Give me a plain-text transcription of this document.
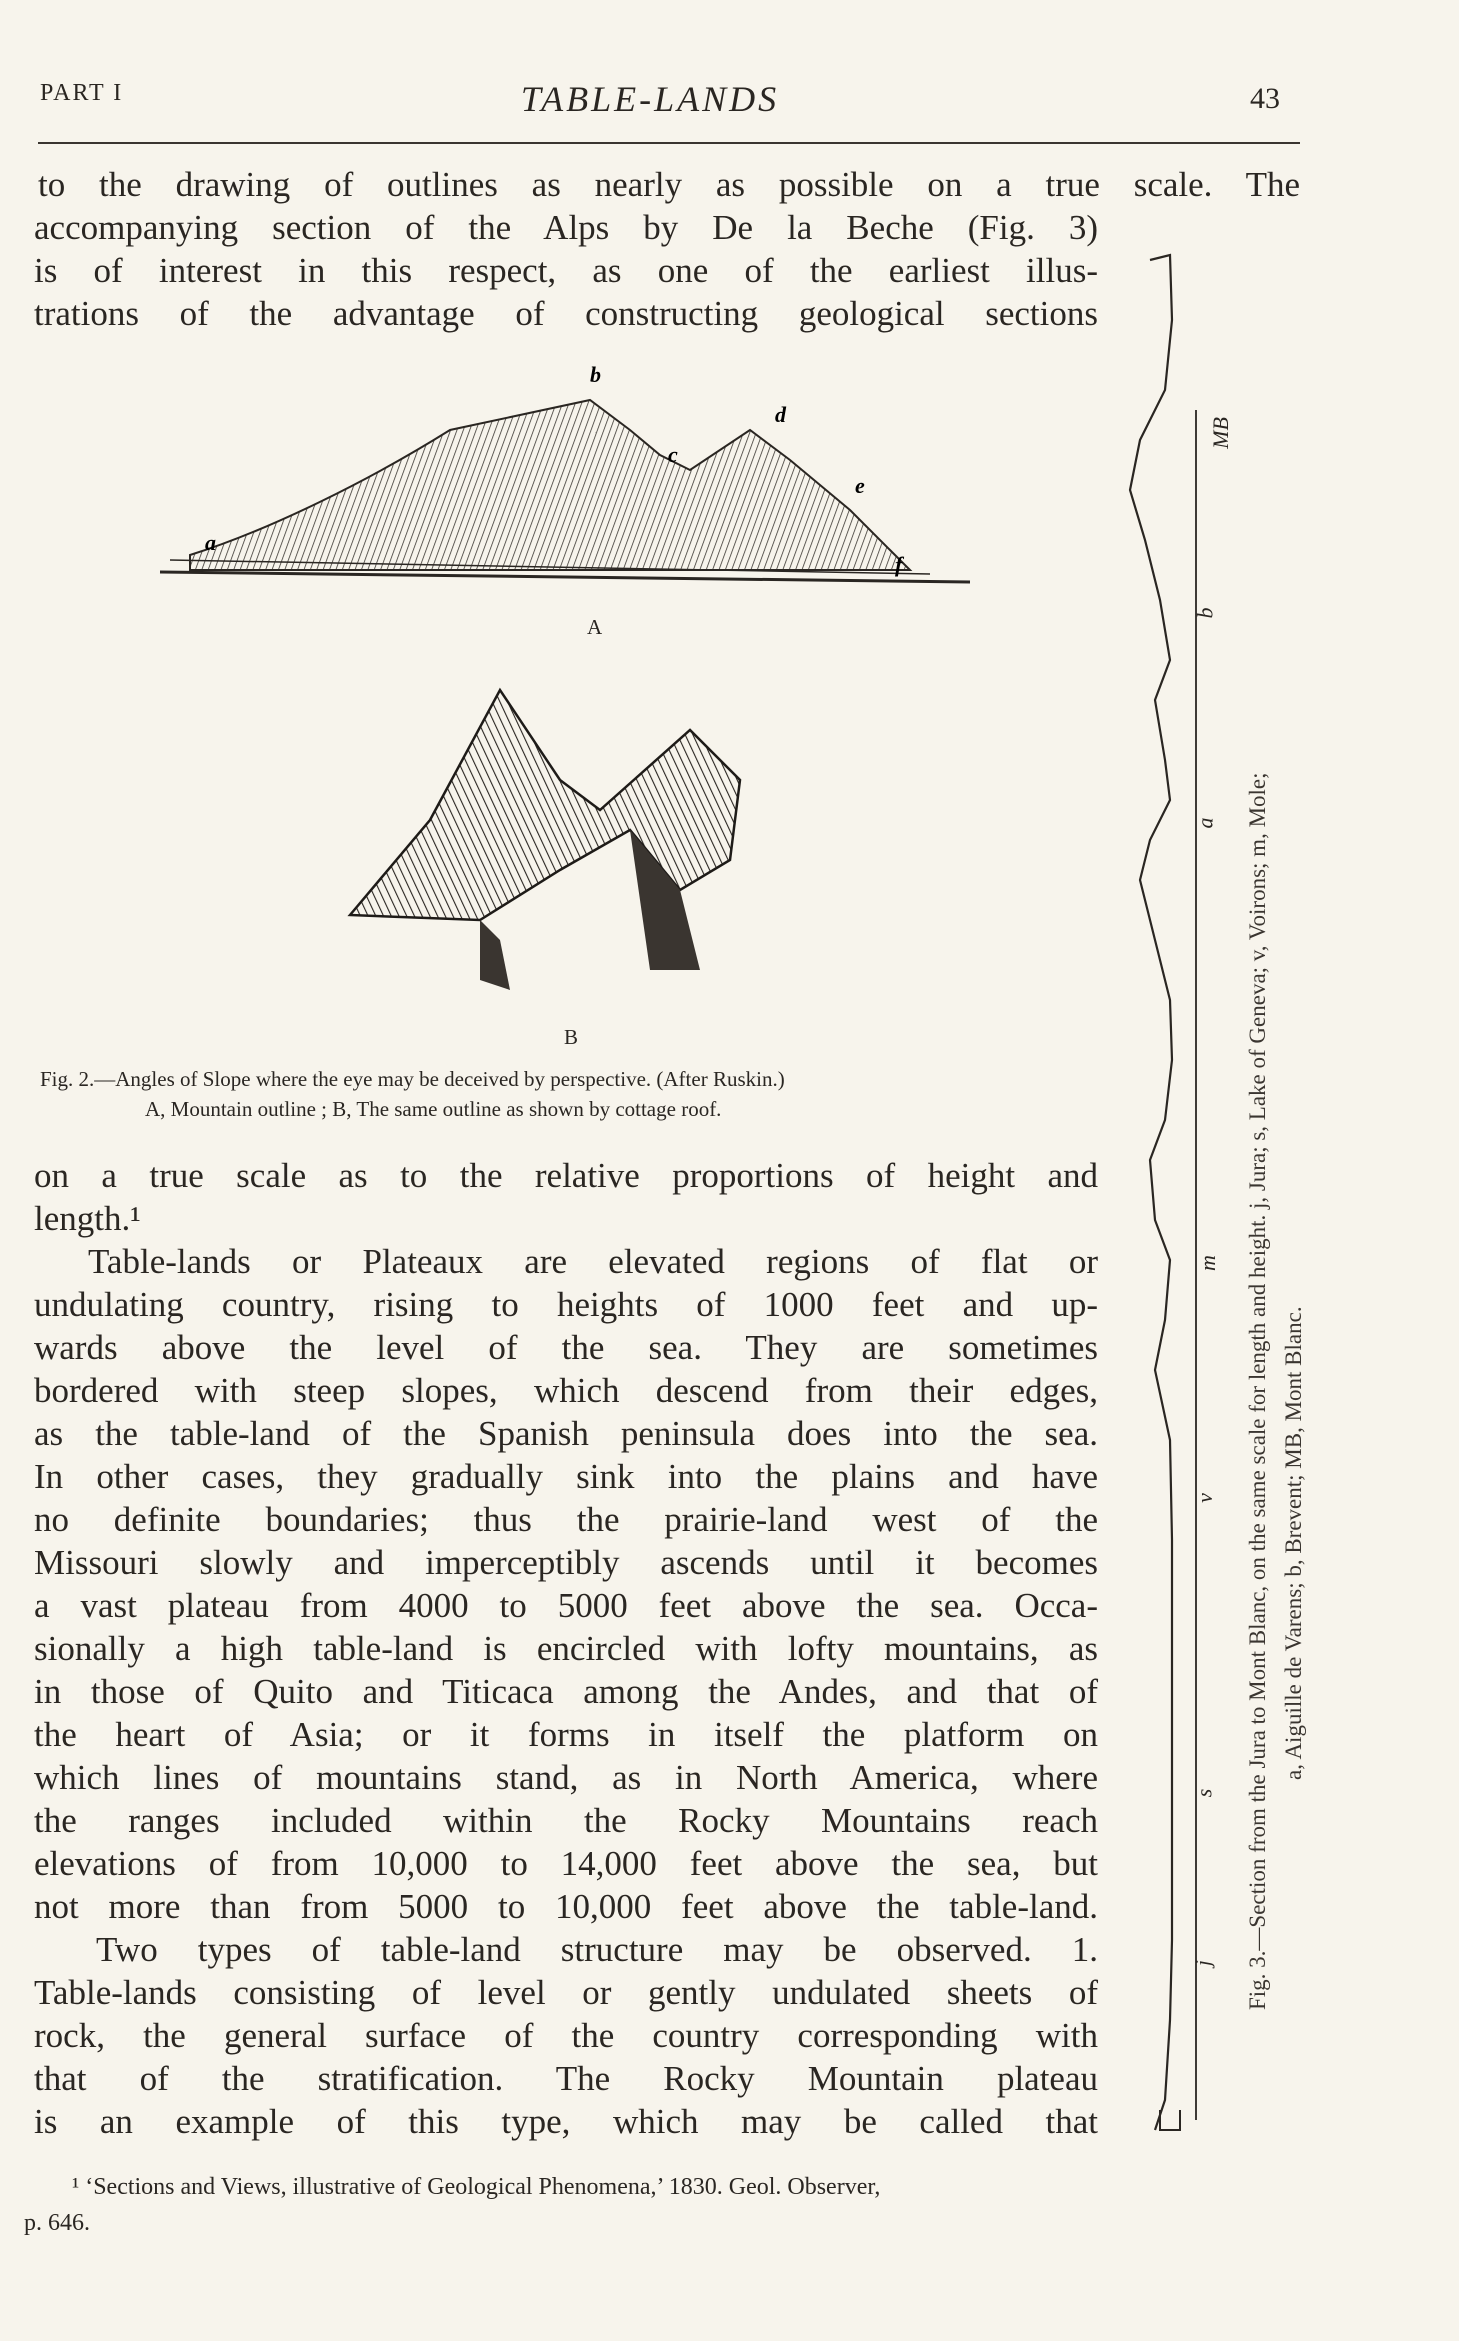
PART I	TABLE-LANDS	43
to the drawing of outlines as nearly as possible on a true scale. The
accompanying section of the Alps by De la Beche (Fig. 3)
is of interest in this respect, as one of the earliest illus-
trations of the advantage of constructing geological sections
b
d
c
e
a
f
A
B
Fig. 2.—Angles of Slope where the eye may be deceived by perspective. (After Ruskin.)
A, Mountain outline ; B, The same outline as shown by cottage roof.
on a true scale as to the relative proportions of height and
length.¹
Table-lands or Plateaux are elevated regions of flat or
undulating country, rising to heights of 1000 feet and up-
wards above the level of the sea. They are sometimes
bordered with steep slopes, which descend from their edges,
as the table-land of the Spanish peninsula does into the sea.
In other cases, they gradually sink into the plains and have
no definite boundaries; thus the prairie-land west of the
Missouri slowly and imperceptibly ascends until it becomes
a vast plateau from 4000 to 5000 feet above the sea. Occa-
sionally a high table-land is encircled with lofty mountains, as
in those of Quito and Titicaca among the Andes, and that of
the heart of Asia; or it forms in itself the platform on
which lines of mountains stand, as in North America, where
the ranges included within the Rocky Mountains reach
elevations of from 10,000 to 14,000 feet above the sea, but
not more than from 5000 to 10,000 feet above the table-land.
Two types of table-land structure may be observed. 1.
Table-lands consisting of level or gently undulated sheets of
rock, the general surface of the country corresponding with
that of the stratification. The Rocky Mountain plateau
is an example of this type, which may be called that
¹ ‘Sections and Views, illustrative of Geological Phenomena,’ 1830. Geol. Observer,
p. 646.
MB
b
a
m
v
s
j Fig. 3.—Section from the Jura to Mont Blanc, on the same scale for length and height. j, Jura; s, Lake of Geneva; v, Voirons; m, Mole; a, Aiguille de Varens; b, Brevent; MB, Mont Blanc.
